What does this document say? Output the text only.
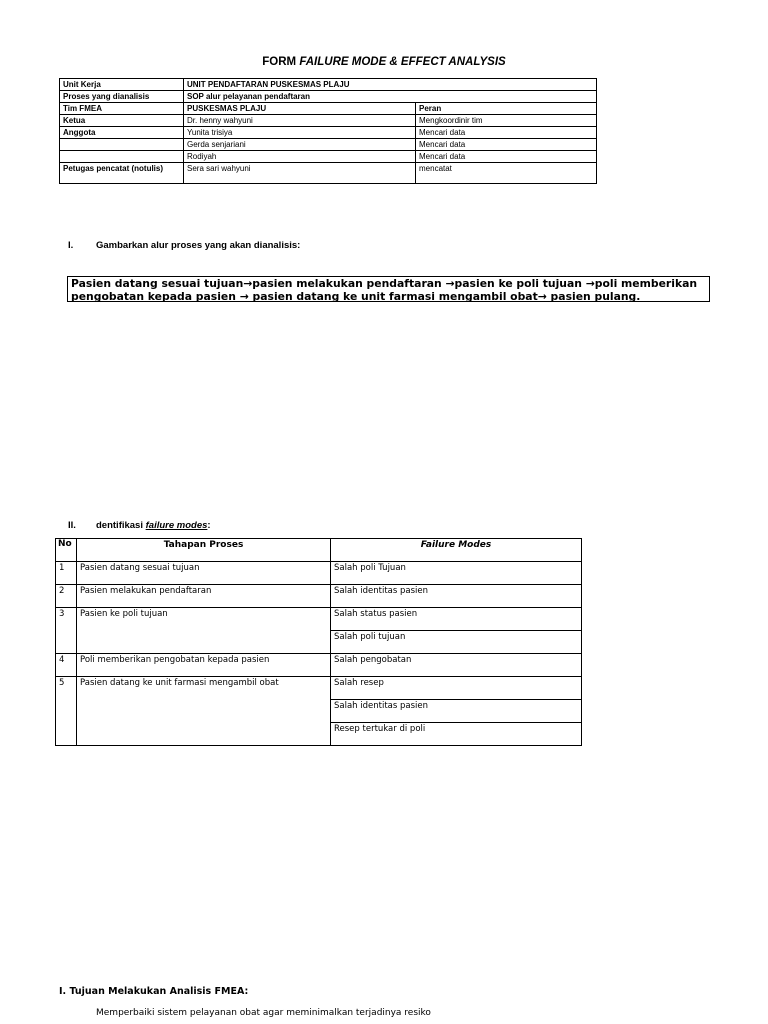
FORM FAILURE MODE & EFFECT ANALYSIS
Unit Kerja	UNIT PENDAFTARAN PUSKESMAS PLAJU	
Proses yang dianalisis	SOP alur pelayanan pendaftaran	
Tim FMEA	PUSKESMAS PLAJU	Peran
Ketua	Dr. henny wahyuni	Mengkoordinir tim
Anggota	Yunita trisiya	Mencari data
	Gerda senjariani	Mencari data
	Rodiyah	Mencari data
Petugas pencatat (notulis)	Sera sari wahyuni	mencatat
I. Gambarkan alur proses yang akan dianalisis:
Pasien datang sesuai tujuan→pasien melakukan pendaftaran →pasien ke poli tujuan →poli memberikan
pengobatan kepada pasien → pasien datang ke unit farmasi mengambil obat→ pasien pulang.
II. dentifikasi failure modes:
No	Tahapan Proses	Failure Modes
1	Pasien datang sesuai tujuan	Salah poli Tujuan
2	Pasien melakukan pendaftaran	Salah identitas pasien
3	Pasien ke poli tujuan	Salah status pasien
		Salah poli tujuan
4	Poli memberikan pengobatan kepada pasien	Salah pengobatan
5	Pasien datang ke unit farmasi mengambil obat	Salah resep
		Salah identitas pasien
		Resep tertukar di poli
I. Tujuan Melakukan Analisis FMEA:
Memperbaiki sistem pelayanan obat agar meminimalkan terjadinya resiko
